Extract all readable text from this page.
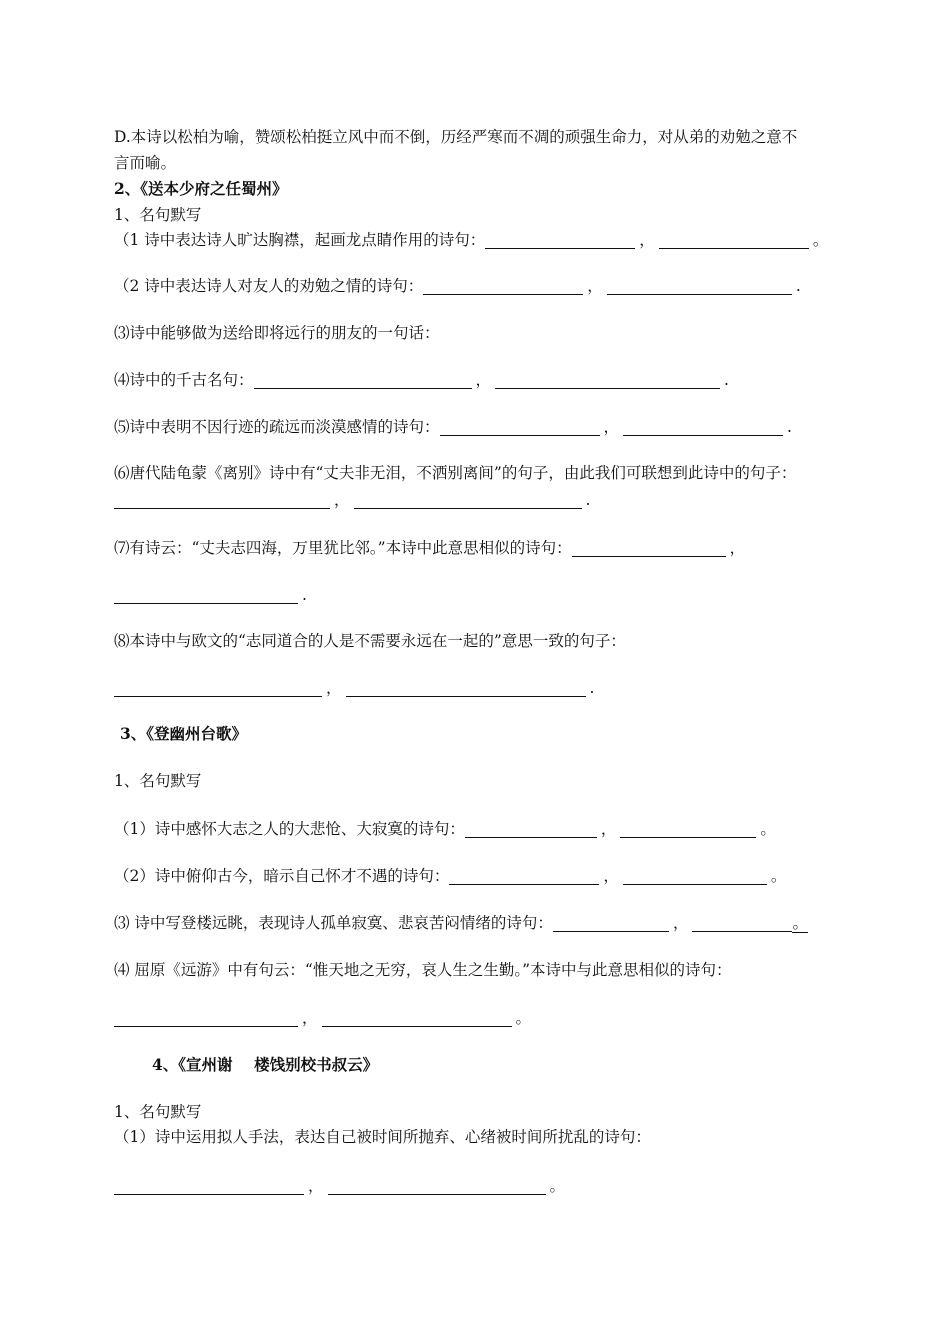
D.本诗以松柏为喻，赞颂松柏挺立风中而不倒，历经严寒而不凋的顽强生命力，对从弟的劝勉之意不
言而喻。
2、《送本少府之任蜀州》
1、名句默写
（1 诗中表达诗人旷达胸襟，起画龙点睛作用的诗句：	，	。
（2 诗中表达诗人对友人的劝勉之情的诗句：	，	.
⑶诗中能够做为送给即将远行的朋友的一句话：
⑷诗中的千古名句：	，	.
⑸诗中表明不因行迹的疏远而淡漠感情的诗句：	，	.
⑹唐代陆龟蒙《离别》诗中有“丈夫非无泪，不洒别离间”的句子，由此我们可联想到此诗中的句子：
，	.
⑺有诗云：“丈夫志四海，万里犹比邻。”本诗中此意思相似的诗句：	，
.
⑻本诗中与欧文的“志同道合的人是不需要永远在一起的”意思一致的句子：
，	.
3、《登幽州台歌》
1、名句默写
（1）诗中感怀大志之人的大悲怆、大寂寞的诗句：	，	。
（2）诗中俯仰古今，暗示自己怀才不遇的诗句：	，	。
⑶ 诗中写登楼远眺，表现诗人孤单寂寞、悲哀苦闷情绪的诗句：	，	。
⑷ 屈原《远游》中有句云：“惟天地之无穷，哀人生之生勤。”本诗中与此意思相似的诗句：
，	。
4、《宣州谢    楼饯别校书叔云》
1、名句默写
（1）诗中运用拟人手法，表达自己被时间所抛弃、心绪被时间所扰乱的诗句：
，	。
